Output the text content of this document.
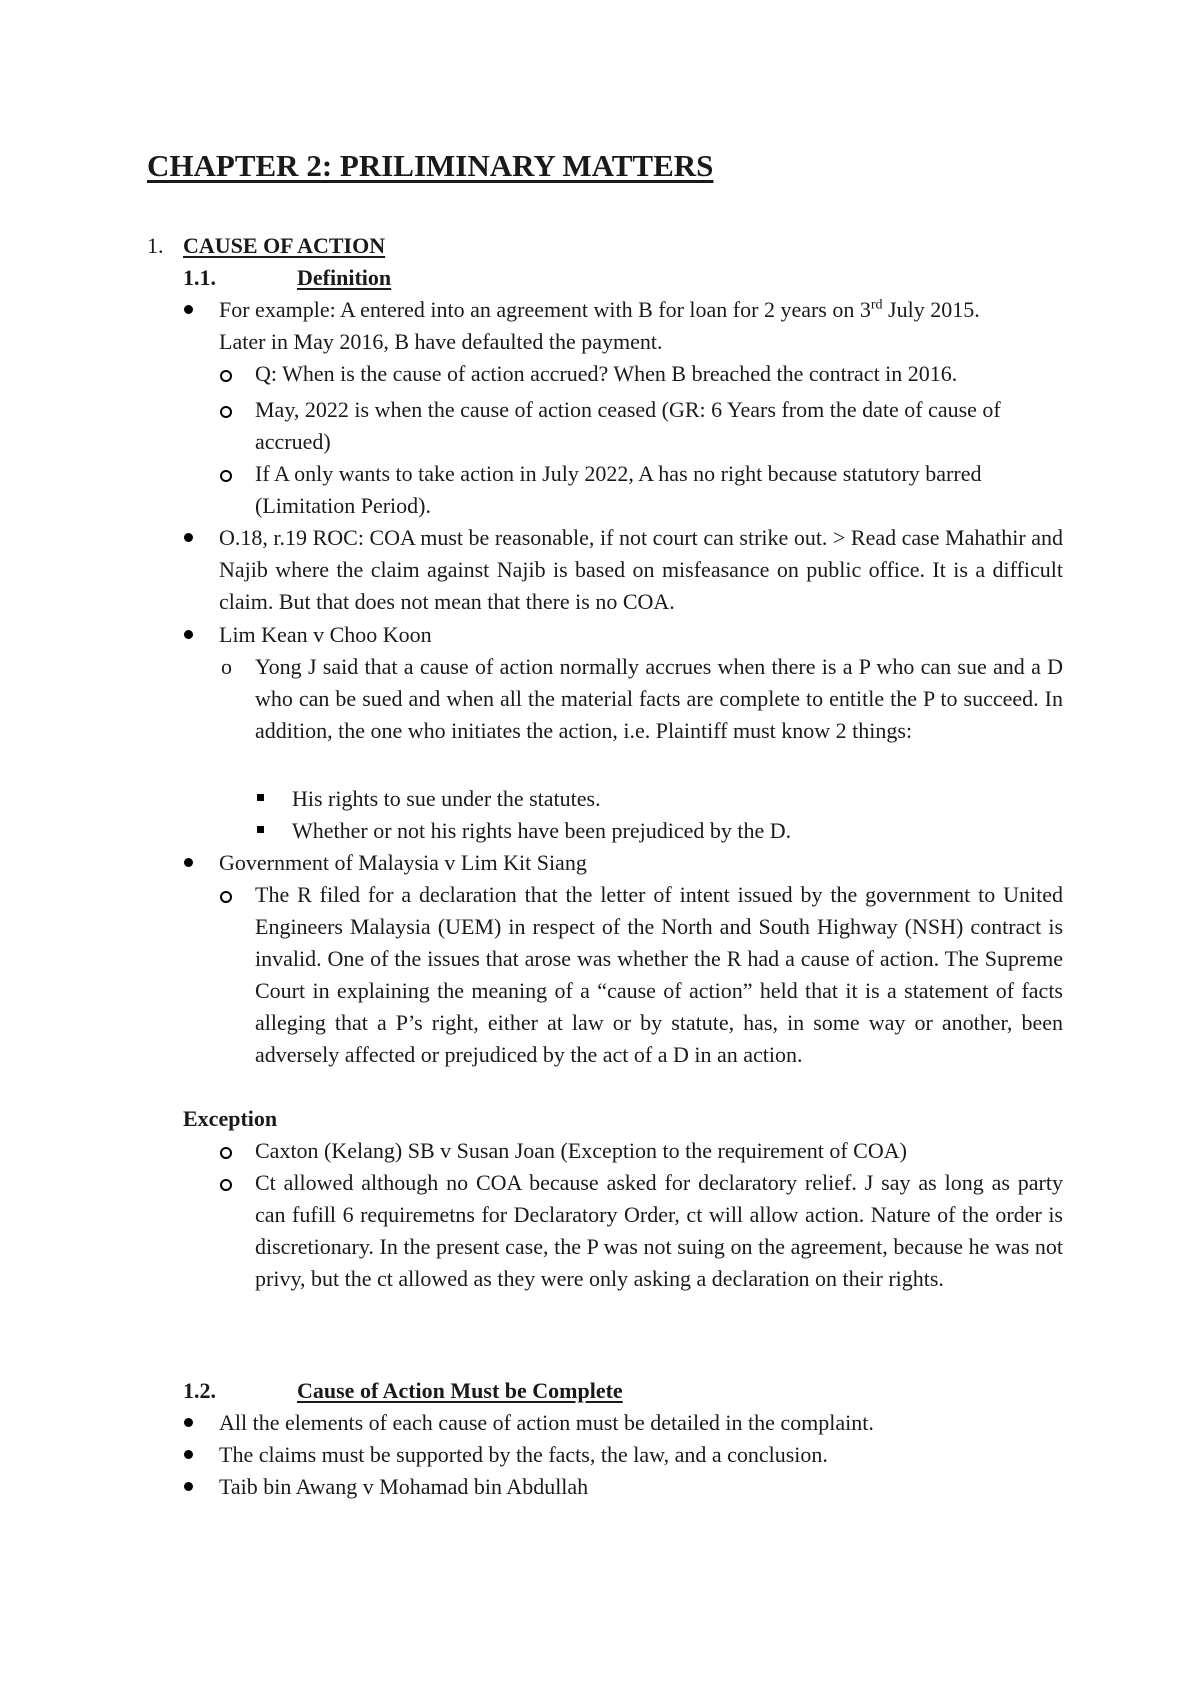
CHAPTER 2: PRILIMINARY MATTERS
1. CAUSE OF ACTION
1.1.	Definition
For example: A entered into an agreement with B for loan for 2 years on 3rd July 2015.
Later in May 2016, B have defaulted the payment.
Q: When is the cause of action accrued? When B breached the contract in 2016.
May, 2022 is when the cause of action ceased (GR: 6 Years from the date of cause of accrued)
If A only wants to take action in July 2022, A has no right because statutory barred (Limitation Period).
O.18, r.19 ROC: COA must be reasonable, if not court can strike out. > Read case Mahathir and Najib where the claim against Najib is based on misfeasance on public office. It is a difficult claim. But that does not mean that there is no COA.
Lim Kean v Choo Koon
o Yong J said that a cause of action normally accrues when there is a P who can sue and a D who can be sued and when all the material facts are complete to entitle the P to succeed. In addition, the one who initiates the action, i.e. Plaintiff must know 2 things:
His rights to sue under the statutes.
Whether or not his rights have been prejudiced by the D.
Government of Malaysia v Lim Kit Siang
The R filed for a declaration that the letter of intent issued by the government to United Engineers Malaysia (UEM) in respect of the North and South Highway (NSH) contract is invalid. One of the issues that arose was whether the R had a cause of action. The Supreme Court in explaining the meaning of a “cause of action” held that it is a statement of facts alleging that a P’s right, either at law or by statute, has, in some way or another, been adversely affected or prejudiced by the act of a D in an action.
Exception
Caxton (Kelang) SB v Susan Joan (Exception to the requirement of COA)
Ct allowed although no COA because asked for declaratory relief. J say as long as party can fufill 6 requiremetns for Declaratory Order, ct will allow action. Nature of the order is discretionary. In the present case, the P was not suing on the agreement, because he was not privy, but the ct allowed as they were only asking a declaration on their rights.
1.2.	Cause of Action Must be Complete
All the elements of each cause of action must be detailed in the complaint.
The claims must be supported by the facts, the law, and a conclusion.
Taib bin Awang v Mohamad bin Abdullah
